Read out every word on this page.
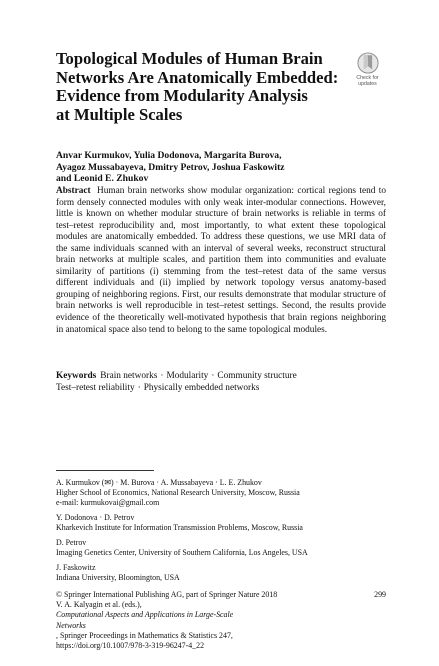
Topological Modules of Human Brain
Networks Are Anatomically Embedded:
Evidence from Modularity Analysis
at Multiple Scales
Check for
updates
Anvar Kurmukov, Yulia Dodonova, Margarita Burova,
Ayagoz Mussabayeva, Dmitry Petrov, Joshua Faskowitz
and Leonid E. Zhukov

Abstract Human brain networks show modular organization: cortical regions tend to form densely connected modules with only weak inter-modular connections. However, little is known on whether modular structure of brain networks is reliable in terms of test–retest reproducibility and, most importantly, to what extent these topological modules are anatomically embedded. To address these questions, we use MRI data of the same individuals scanned with an interval of several weeks, reconstruct structural brain networks at multiple scales, and partition them into communities and evaluate similarity of partitions (i) stemming from the test–retest data of the same versus different individuals and (ii) implied by network topology versus anatomy-based grouping of neighboring regions. First, our results demonstrate that modular structure of brain networks is well reproducible in test–retest settings. Second, the results provide evidence of the theoretically well-motivated hypothesis that brain regions neighboring in anatomical space also tend to belong to the same topological modules.

Keywords Brain networks · Modularity · Community structure
Test–retest reliability · Physically embedded networks
A. Kurmukov (✉) · M. Burova · A. Mussabayeva · L. E. Zhukov
Higher School of Economics, National Research University, Moscow, Russia
e-mail: kurmukovai@gmail.com
Y. Dodonova · D. Petrov
Kharkevich Institute for Information Transmission Problems, Moscow, Russia
D. Petrov
Imaging Genetics Center, University of Southern California, Los Angeles, USA
J. Faskowitz
Indiana University, Bloomington, USA
© Springer International Publishing AG, part of Springer Nature 2018
V. A. Kalyagin et al. (eds.),
Computational Aspects and Applications in Large-Scale
Networks
, Springer Proceedings in Mathematics & Statistics 247,
https://doi.org/10.1007/978-3-319-96247-4_22
299
